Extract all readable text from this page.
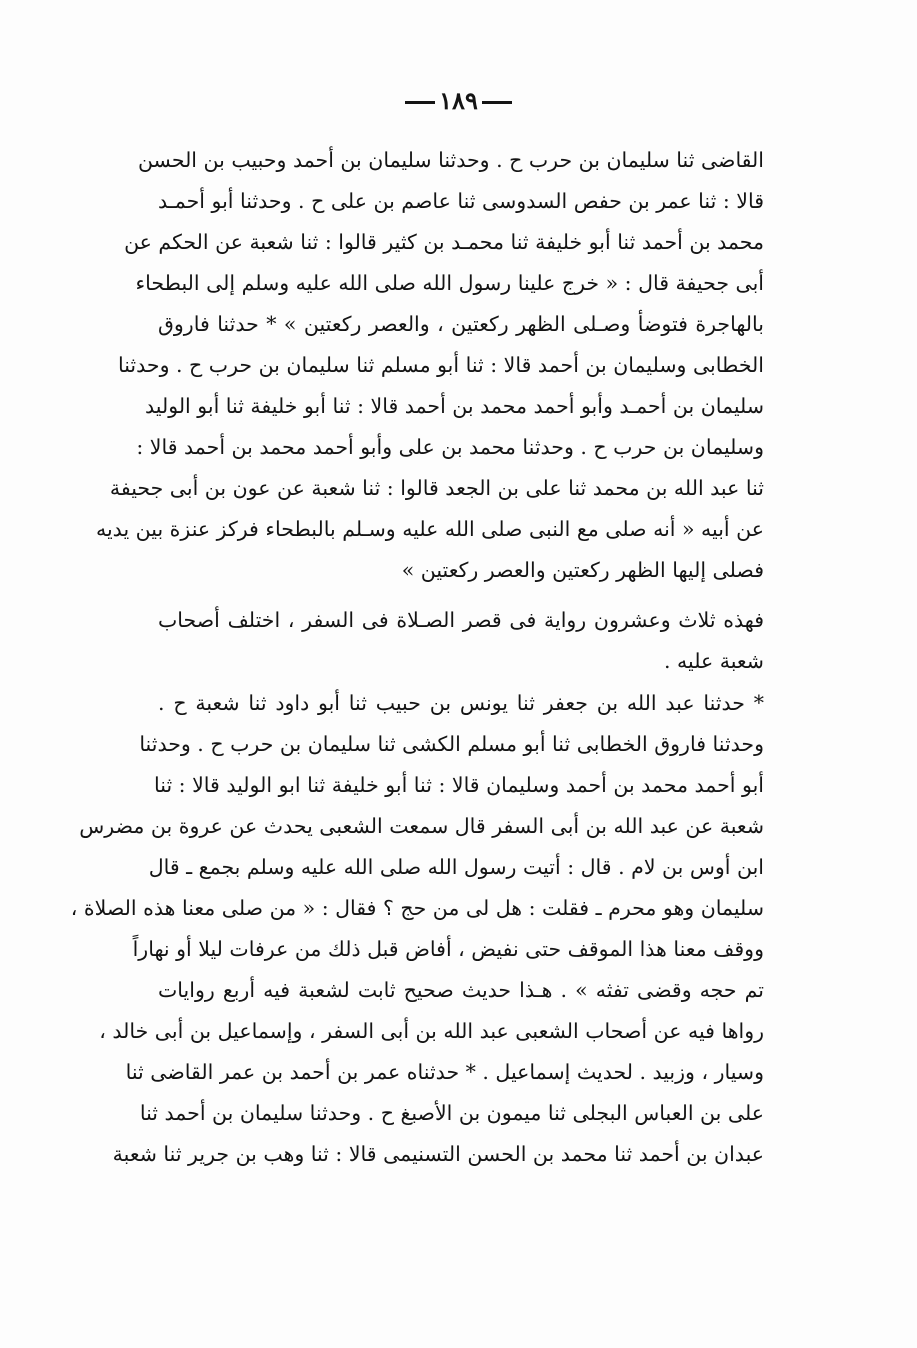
١٨٩
القاضى ثنا سليمان بن حرب ح . وحدثنا سليمان بن أحمد وحبيب بن الحسن
قالا : ثنا عمر بن حفص السدوسى ثنا عاصم بن على ح . وحدثنا أبو أحمـد
محمد بن أحمد ثنا أبو خليفة ثنا محمـد بن كثير قالوا : ثنا شعبة عن الحكم عن
أبى جحيفة قال : « خرج علينا رسول الله صلى الله عليه وسلم إلى البطحاء
بالهاجرة فتوضأ وصـلى الظهر ركعتين ، والعصر ركعتين » * حدثنا فاروق
الخطابى وسليمان بن أحمد قالا : ثنا أبو مسلم ثنا سليمان بن حرب ح . وحدثنا
سليمان بن أحمـد وأبو أحمد محمد بن أحمد قالا : ثنا أبو خليفة ثنا أبو الوليد
وسليمان بن حرب ح . وحدثنا محمد بن على وأبو أحمد محمد بن أحمد قالا :
ثنا عبد الله بن محمد ثنا على بن الجعد قالوا : ثنا شعبة عن عون بن أبى جحيفة
عن أبيه « أنه صلى مع النبى صلى الله عليه وسـلم بالبطحاء فركز عنزة بين يديه
فصلى إليها الظهر ركعتين والعصر ركعتين »
فهذه ثلاث وعشرون رواية فى قصر الصـلاة فى السفر ، اختلف أصحاب
شعبة عليه .
* حدثنا عبد الله بن جعفر ثنا يونس بن حبيب ثنا أبو داود ثنا شعبة ح .
وحدثنا فاروق الخطابى ثنا أبو مسلم الكشى ثنا سليمان بن حرب ح . وحدثنا
أبو أحمد محمد بن أحمد وسليمان قالا : ثنا أبو خليفة ثنا ابو الوليد قالا : ثنا
شعبة عن عبد الله بن أبى السفر قال سمعت الشعبى يحدث عن عروة بن مضرس
ابن أوس بن لام . قال : أتيت رسول الله صلى الله عليه وسلم بجمع ـ قال
سليمان وهو محرم ـ فقلت : هل لى من حج ؟ فقال : « من صلى معنا هذه الصلاة ،
ووقف معنا هذا الموقف حتى نفيض ، أفاض قبل ذلك من عرفات ليلا أو نهاراً
تم حجه وقضى تفثه » . هـذا حديث صحيح ثابت لشعبة فيه أربع روايات
رواها فيه عن أصحاب الشعبى عبد الله بن أبى السفر ، وإسماعيل بن أبى خالد ،
وسيار ، وزبيد . لحديث إسماعيل . * حدثناه عمر بن أحمد بن عمر القاضى ثنا
على بن العباس البجلى ثنا ميمون بن الأصبغ ح . وحدثنا سليمان بن أحمد ثنا
عبدان بن أحمد ثنا محمد بن الحسن التسنيمى قالا : ثنا وهب بن جرير ثنا شعبة
